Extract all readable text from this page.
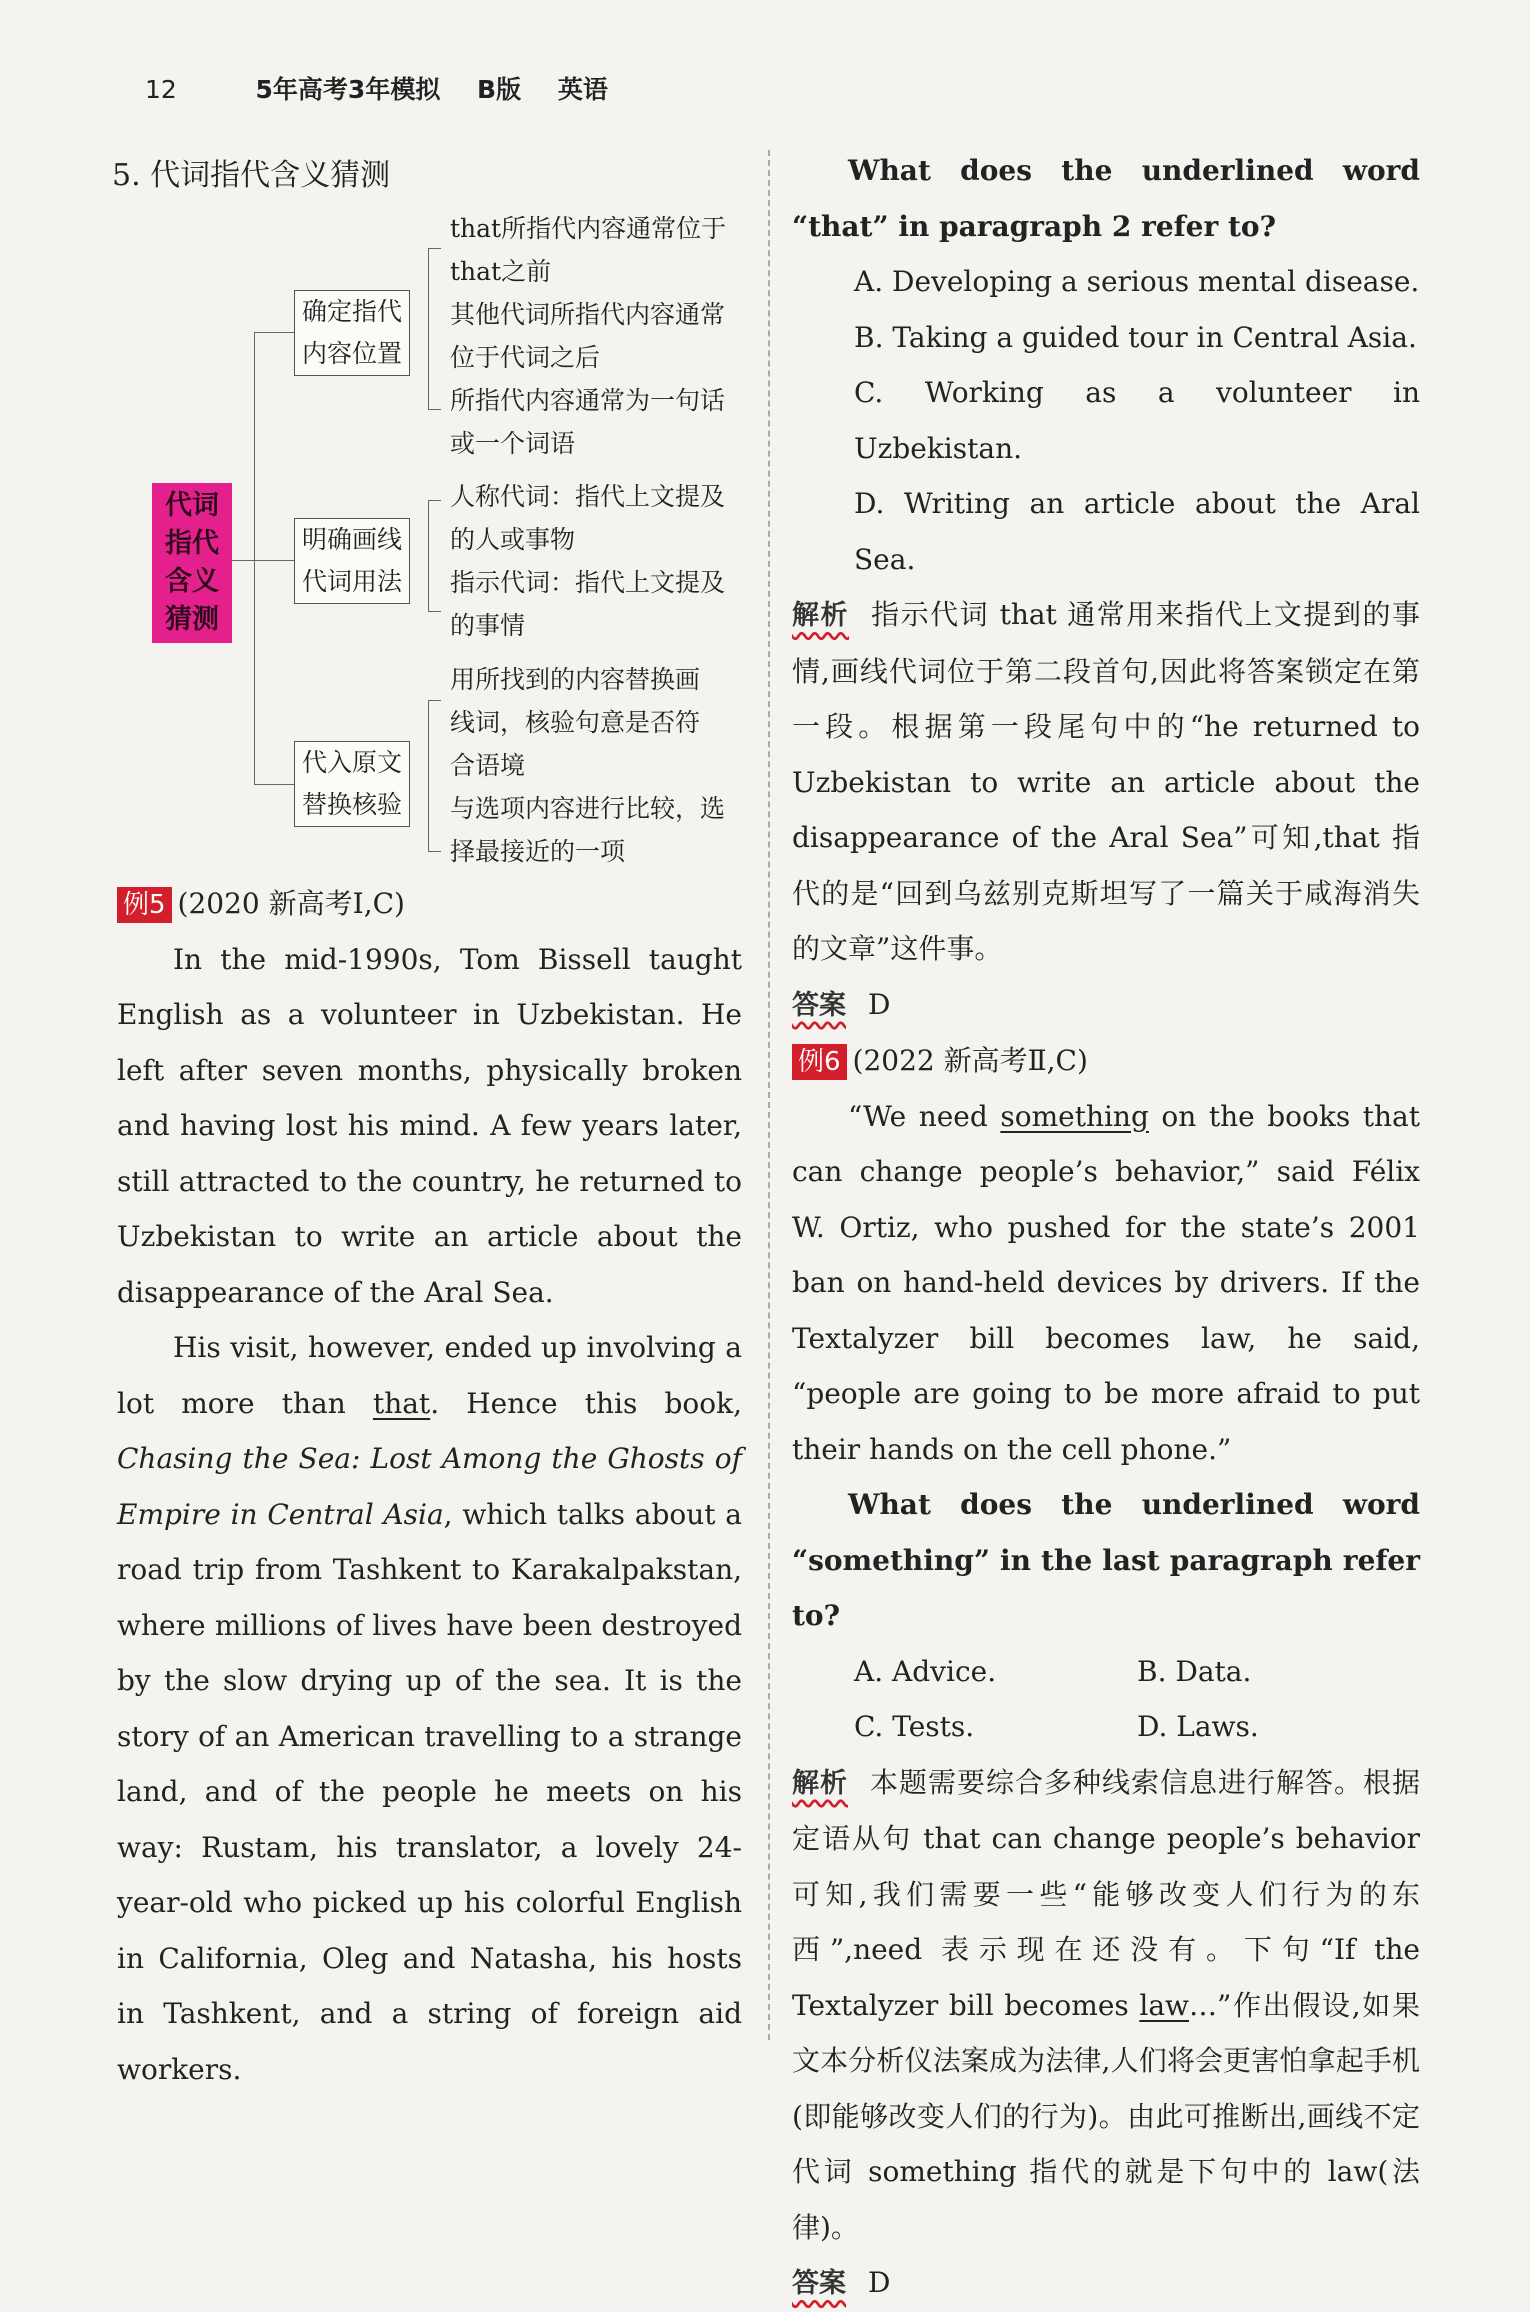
12	5年高考3年模拟 B版 英语
5. 代词指代含义猜测
代词
指代
含义
猜测
确定指代
内容位置
that所指代内容通常位于
that之前
其他代词所指代内容通常
位于代词之后
所指代内容通常为一句话
或一个词语
明确画线
代词用法
人称代词：指代上文提及
的人或事物
指示代词：指代上文提及
的事情
代入原文
替换核验
用所找到的内容替换画
线词，核验句意是否符
合语境
与选项内容进行比较，选
择最接近的一项

例5 (2020 新高考Ⅰ,C)

In the mid-1990s, Tom Bissell taught English as a volunteer in Uzbekistan. He left after seven months, physically broken and having lost his mind. A few years later, still attracted to the country, he returned to Uzbekistan to write an article about the disappearance of the Aral Sea.

His visit, however, ended up involving a lot more than that. Hence this book, Chasing the Sea: Lost Among the Ghosts of Empire in Central Asia, which talks about a road trip from Tashkent to Karakalpakstan, where millions of lives have been destroyed by the slow drying up of the sea. It is the story of an American travelling to a strange land, and of the people he meets on his way: Rustam, his translator, a lovely 24-year-old who picked up his colorful English in California, Oleg and Natasha, his hosts in Tashkent, and a string of foreign aid workers.

What does the underlined word “that” in paragraph 2 refer to?

A. Developing a serious mental disease.

B. Taking a guided tour in Central Asia.

C. Working as a volunteer in Uzbekistan.

D. Writing an article about the Aral Sea.

解析 指示代词 that 通常用来指代上文提到的事情,画线代词位于第二段首句,因此将答案锁定在第一段。根据第一段尾句中的“he returned to Uzbekistan to write an article about the disappearance of the Aral Sea”可知,that 指代的是“回到乌兹别克斯坦写了一篇关于咸海消失的文章”这件事。

答案 D

例6 (2022 新高考Ⅱ,C)

“We need something on the books that can change people’s behavior,” said Félix W. Ortiz, who pushed for the state’s 2001 ban on hand-held devices by drivers. If the Textalyzer bill becomes law, he said, “people are going to be more afraid to put their hands on the cell phone.”

What does the underlined word “something” in the last paragraph refer to?

A. Advice.	B. Data.
C. Tests.	D. Laws.

解析 本题需要综合多种线索信息进行解答。根据定语从句 that can change people’s behavior 可知,我们需要一些“能够改变人们行为的东西”,need 表示现在还没有。下句“If the Textalyzer bill becomes law…”作出假设,如果文本分析仪法案成为法律,人们将会更害怕拿起手机(即能够改变人们的行为)。由此可推断出,画线不定代词 something 指代的就是下句中的 law(法律)。

答案 D
